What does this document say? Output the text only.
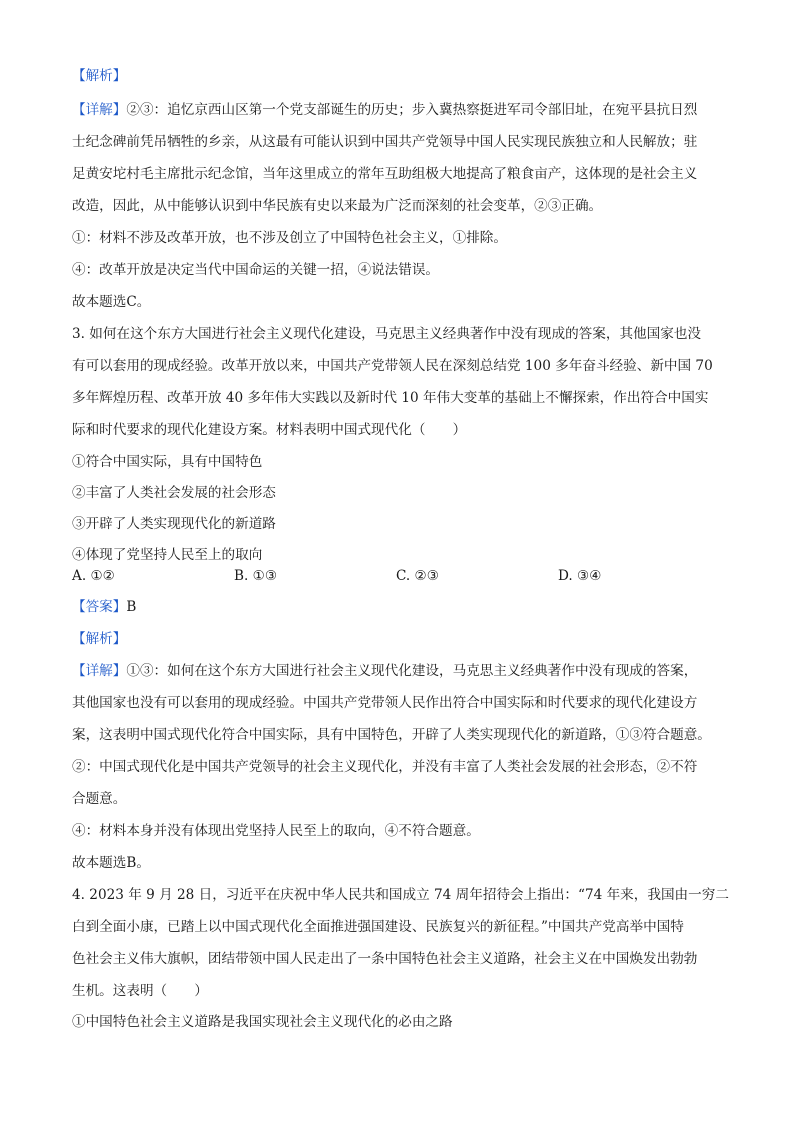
【解析】
【详解】②③：追忆京西山区第一个党支部诞生的历史；步入冀热察挺进军司令部旧址，在宛平县抗日烈
士纪念碑前凭吊牺牲的乡亲，从这最有可能认识到中国共产党领导中国人民实现民族独立和人民解放；驻
足黄安坨村毛主席批示纪念馆，当年这里成立的常年互助组极大地提高了粮食亩产，这体现的是社会主义
改造，因此，从中能够认识到中华民族有史以来最为广泛而深刻的社会变革，②③正确。
①：材料不涉及改革开放，也不涉及创立了中国特色社会主义，①排除。
④：改革开放是决定当代中国命运的关键一招，④说法错误。
故本题选C。
3. 如何在这个东方大国进行社会主义现代化建设，马克思主义经典著作中没有现成的答案，其他国家也没
有可以套用的现成经验。改革开放以来，中国共产党带领人民在深刻总结党 100 多年奋斗经验、新中国 70
多年辉煌历程、改革开放 40 多年伟大实践以及新时代 10 年伟大变革的基础上不懈探索，作出符合中国实
际和时代要求的现代化建设方案。材料表明中国式现代化（　　）
①符合中国实际，具有中国特色
②丰富了人类社会发展的社会形态
③开辟了人类实现现代化的新道路
④体现了党坚持人民至上的取向
A. ①②	B. ①③	C. ②③	D. ③④
【答案】B
【解析】
【详解】①③：如何在这个东方大国进行社会主义现代化建设，马克思主义经典著作中没有现成的答案，
其他国家也没有可以套用的现成经验。中国共产党带领人民作出符合中国实际和时代要求的现代化建设方
案，这表明中国式现代化符合中国实际，具有中国特色，开辟了人类实现现代化的新道路，①③符合题意。
②：中国式现代化是中国共产党领导的社会主义现代化，并没有丰富了人类社会发展的社会形态，②不符
合题意。
④：材料本身并没有体现出党坚持人民至上的取向，④不符合题意。
故本题选B。
4. 2023 年 9 月 28 日，习近平在庆祝中华人民共和国成立 74 周年招待会上指出：“74 年来，我国由一穷二
白到全面小康，已踏上以中国式现代化全面推进强国建设、民族复兴的新征程。”中国共产党高举中国特
色社会主义伟大旗帜，团结带领中国人民走出了一条中国特色社会主义道路，社会主义在中国焕发出勃勃
生机。这表明（　　）
①中国特色社会主义道路是我国实现社会主义现代化的必由之路
